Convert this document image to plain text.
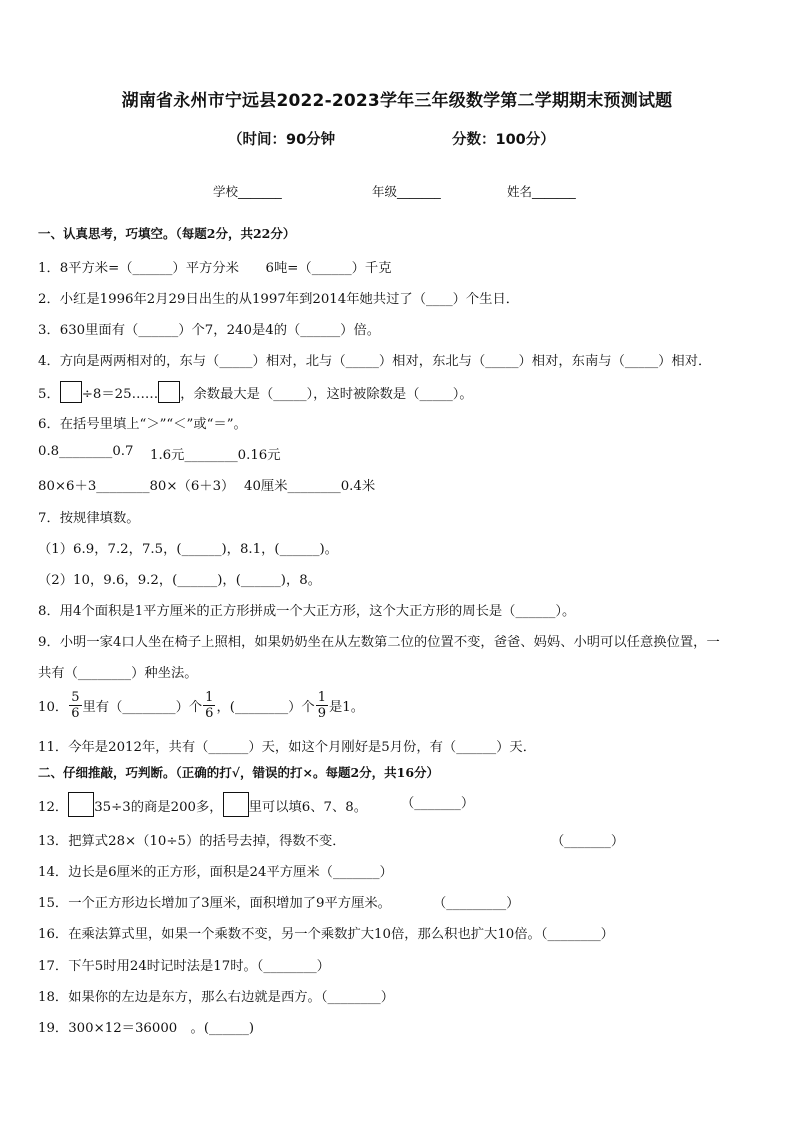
湖南省永州市宁远县2022-2023学年三年级数学第二学期期末预测试题
（时间：90分钟	分数：100分）
学校_______	年级_______	姓名_______
一、认真思考，巧填空。（每题2分，共22分）
1．8平方米=（______）平方分米　　6吨=（______）千克
2．小红是1996年2月29日出生的从1997年到2014年她共过了（____）个生日．
3．630里面有（______）个7，240是4的（______）倍。
4．方向是两两相对的，东与（_____）相对，北与（_____）相对，东北与（_____）相对，东南与（_____）相对．
5． ÷8＝25…… ，余数最大是（_____），这时被除数是（_____）。
6．在括号里填上“＞”“＜”或“＝”。
0.8________0.7 1.6元________0.16元
80×6＋3________80×（6＋3） 40厘米________0.4米
7．按规律填数。
（1）6.9，7.2，7.5，(______)，8.1，(______)。
（2）10，9.6，9.2，(______)，(______)，8。
8．用4个面积是1平方厘米的正方形拼成一个大正方形，这个大正方形的周长是（______）。
9．小明一家4口人坐在椅子上照相，如果奶奶坐在从左数第二位的位置不变，爸爸、妈妈、小明可以任意换位置，一
共有（________）种坐法。
10． $\frac{5}{6}$ 里有（________）个 $\frac{1}{6}$ ，(________）个 $\frac{1}{9}$ 是1。
11．今年是2012年，共有（______）天，如这个月刚好是5月份，有（______）天．
二、仔细推敲，巧判断。（正确的打√，错误的打×。每题2分，共16分）
12． 35÷3的商是200多， 里可以填6、7、8。	（_______）
13．把算式28×（10÷5）的括号去掉，得数不变．	（_______）
14．边长是6厘米的正方形，面积是24平方厘米（_______）
15．一个正方形边长增加了3厘米，面积增加了9平方厘米。	（_________）
16．在乘法算式里，如果一个乘数不变，另一个乘数扩大10倍，那么积也扩大10倍。（________）
17．下午5时用24时记时法是17时。（________）
18．如果你的左边是东方，那么右边就是西方。（________）
19．300×12＝36000　。(______)
